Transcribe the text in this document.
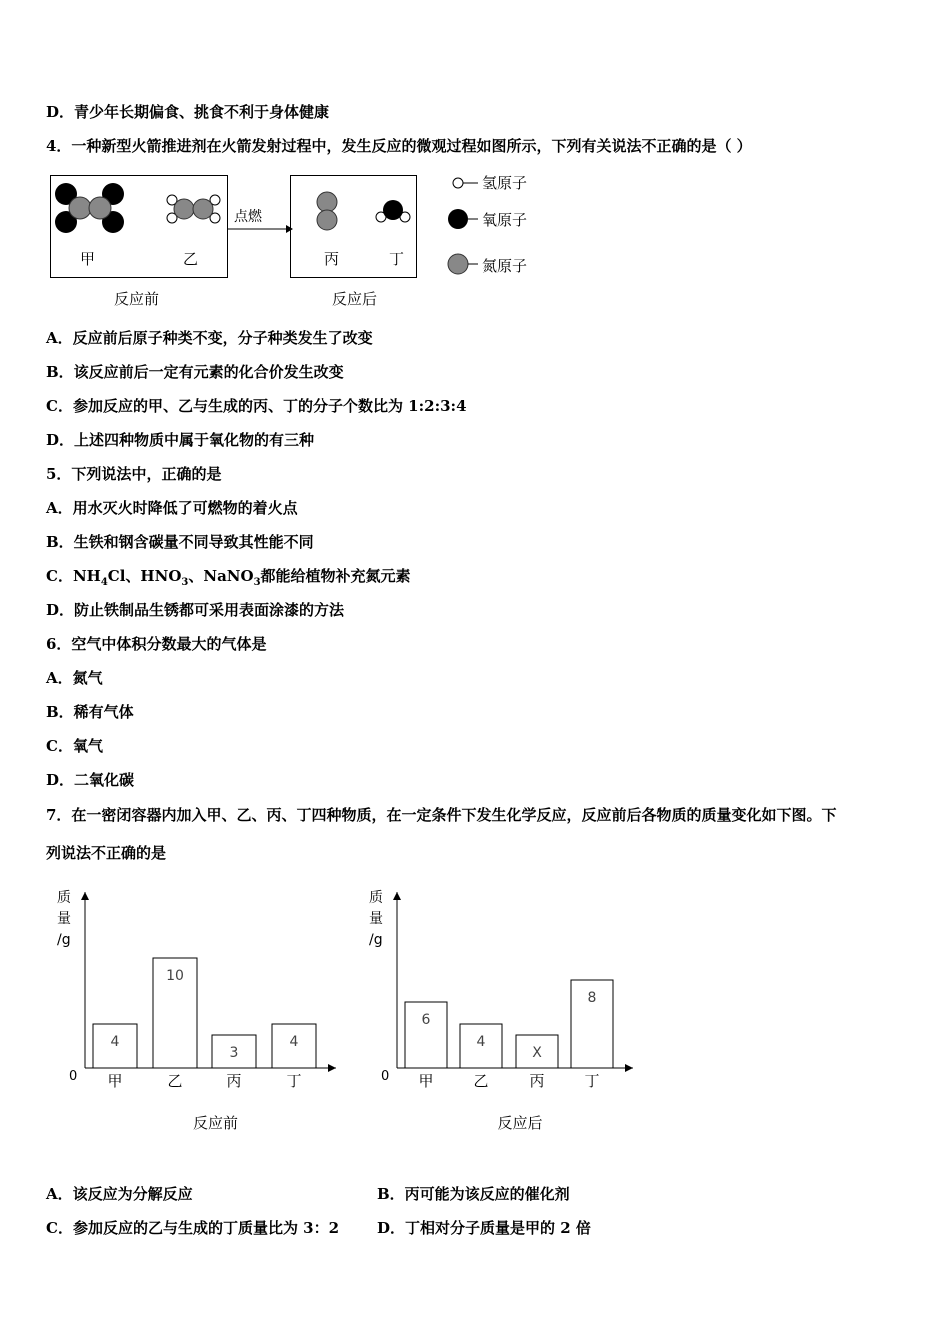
D．青少年长期偏食、挑食不利于身体健康
4．一种新型火箭推进剂在火箭发射过程中，发生反应的微观过程如图所示，下列有关说法不正确的是（ ）
甲	乙
点燃
丙	丁
反应前	反应后
氢原子
氧原子
氮原子
A．反应前后原子种类不变，分子种类发生了改变
B．该反应前后一定有元素的化合价发生改变
C．参加反应的甲、乙与生成的丙、丁的分子个数比为 1:2:3:4
D．上述四种物质中属于氧化物的有三种
5．下列说法中，正确的是
A．用水灭火时降低了可燃物的着火点
B．生铁和钢含碳量不同导致其性能不同
C．$NH_4Cl$、$HNO_3$、NaNO$_3$都能给植物补充氮元素
D．防止铁制品生锈都可采用表面涂漆的方法
6．空气中体积分数最大的气体是
A．氮气
B．稀有气体
C．氧气
D．二氧化碳
7．在一密闭容器内加入甲、乙、丙、丁四种物质，在一定条件下发生化学反应，反应前后各物质的质量变化如下图。下
列说法不正确的是
质
量
/g
0
4
甲
10
乙
3
丙
4
丁
反应前
质
量
/g
0
6
甲
4
乙
X
丙
8
丁
反应后
A．该反应为分解反应	B．丙可能为该反应的催化剂
C．参加反应的乙与生成的丁质量比为 3：2	D．丁相对分子质量是甲的 2 倍
